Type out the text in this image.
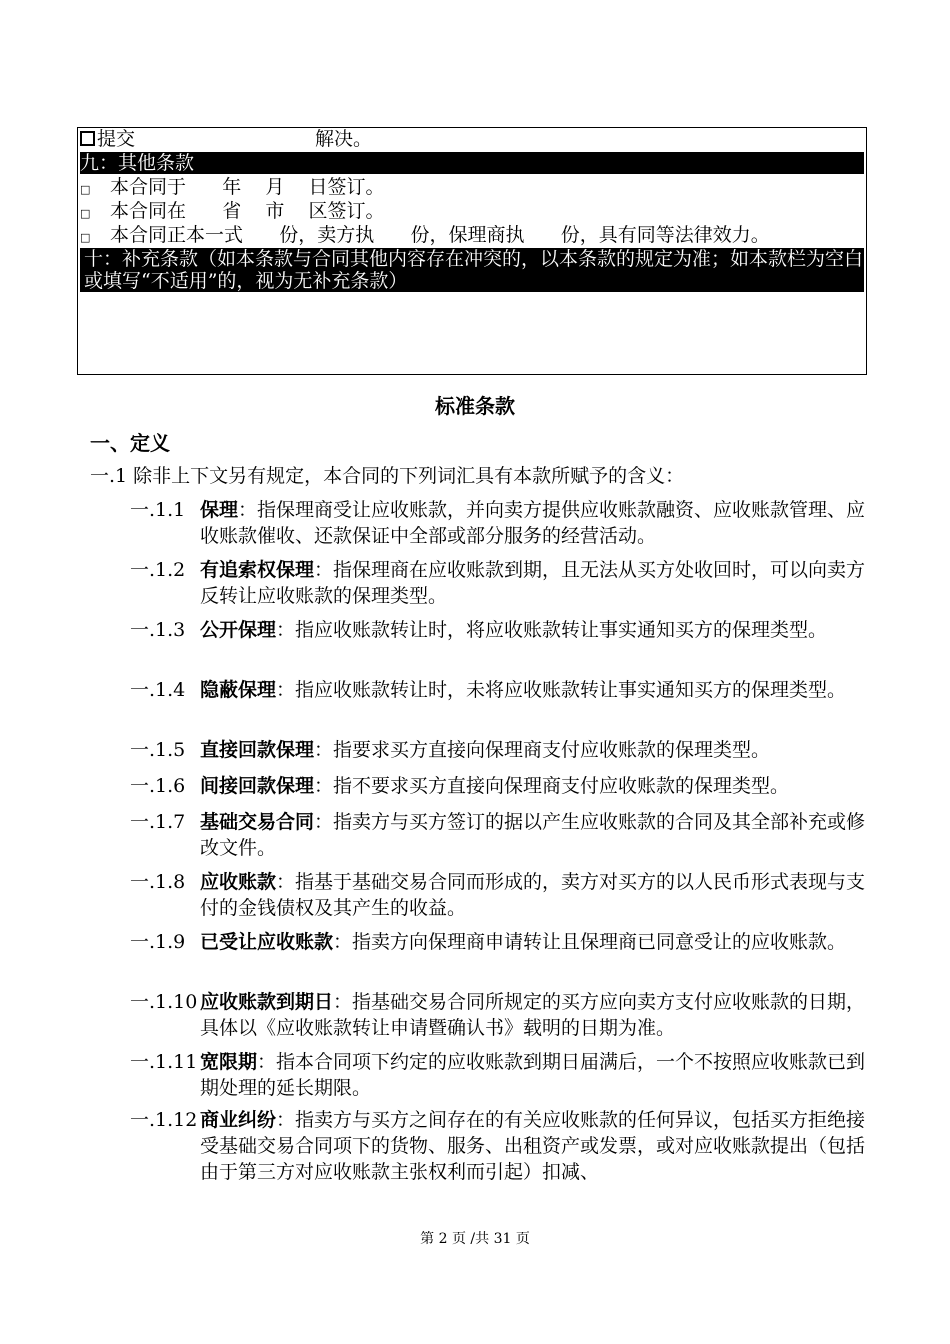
提交	解决。
九：其他条款
□ 本合同于      年    月    日签订。
□ 本合同在      省    市    区签订。
□ 本合同正本一式      份，卖方执      份，保理商执      份，具有同等法律效力。
十：补充条款（如本条款与合同其他内容存在冲突的，以本条款的规定为准；如本款栏为空白或填写“不适用”的，视为无补充条款）
标准条款
一、定义
一.1 除非上下文另有规定，本合同的下列词汇具有本款所赋予的含义：
一.1.1 保理：指保理商受让应收账款，并向卖方提供应收账款融资、应收账款管理、应收账款催收、还款保证中全部或部分服务的经营活动。
一.1.2 有追索权保理：指保理商在应收账款到期，且无法从买方处收回时，可以向卖方反转让应收账款的保理类型。
一.1.3 公开保理：指应收账款转让时，将应收账款转让事实通知买方的保理类型。
一.1.4 隐蔽保理：指应收账款转让时，未将应收账款转让事实通知买方的保理类型。
一.1.5 直接回款保理：指要求买方直接向保理商支付应收账款的保理类型。
一.1.6 间接回款保理：指不要求买方直接向保理商支付应收账款的保理类型。
一.1.7 基础交易合同：指卖方与买方签订的据以产生应收账款的合同及其全部补充或修改文件。
一.1.8 应收账款：指基于基础交易合同而形成的，卖方对买方的以人民币形式表现与支付的金钱债权及其产生的收益。
一.1.9 已受让应收账款：指卖方向保理商申请转让且保理商已同意受让的应收账款。
一.1.10 应收账款到期日：指基础交易合同所规定的买方应向卖方支付应收账款的日期，具体以《应收账款转让申请暨确认书》载明的日期为准。
一.1.11 宽限期：指本合同项下约定的应收账款到期日届满后，一个不按照应收账款已到期处理的延长期限。
一.1.12 商业纠纷：指卖方与买方之间存在的有关应收账款的任何异议，包括买方拒绝接受基础交易合同项下的货物、服务、出租资产或发票，或对应收账款提出（包括由于第三方对应收账款主张权利而引起）扣减、
第 2 页 /共 31 页
